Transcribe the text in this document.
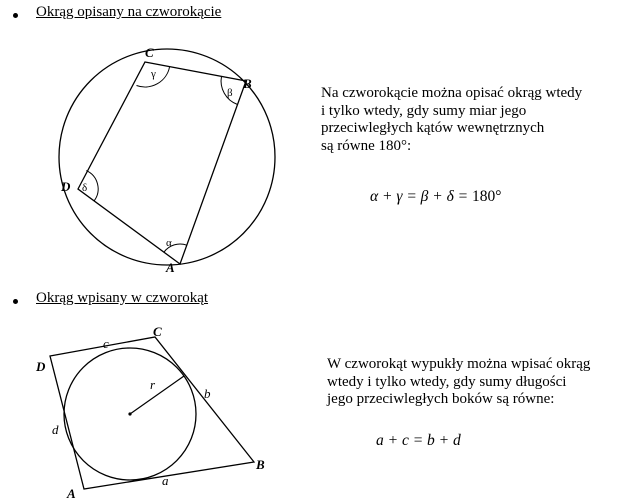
Okrąg opisany na czworokącie
C
B
A
D
γ
β
α
δ
Na czworokącie można opisać okrąg wtedy
i tylko wtedy, gdy sumy miar jego
przeciwległych kątów wewnętrznych
są równe 180°:
α + γ = β + δ = 180°
Okrąg wpisany w czworokąt
C
D
B
A
c
b
d
a
r
W czworokąt wypukły można wpisać okrąg
wtedy i tylko wtedy, gdy sumy długości
jego przeciwległych boków są równe:
a + c = b + d
